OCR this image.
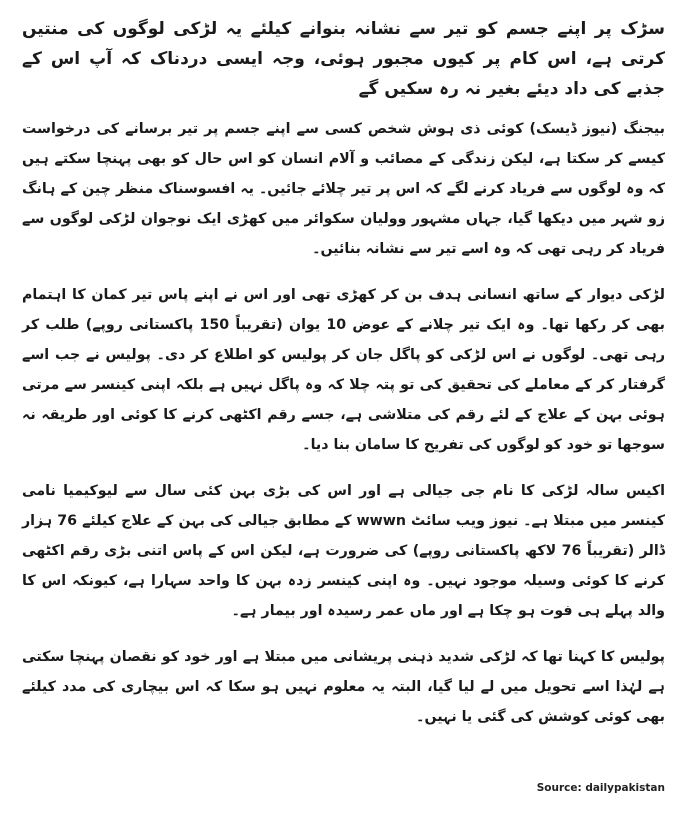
سڑک پر اپنے جسم کو تیر سے نشانہ بنوانے کیلئے یہ لڑکی لوگوں کی منتیں کرتی ہے، اس کام پر کیوں مجبور ہوئی، وجہ ایسی دردناک کہ آپ اس کے جذبے کی داد دیئے بغیر نہ رہ سکیں گے

بیجنگ (نیوز ڈیسک) کوئی ذی ہوش شخص کسی سے اپنے جسم پر تیر برسانے کی درخواست کیسے کر سکتا ہے، لیکن زندگی کے مصائب و آلام انسان کو اس حال کو بھی پہنچا سکتے ہیں کہ وہ لوگوں سے فریاد کرنے لگے کہ اس پر تیر چلائے جائیں۔ یہ افسوسناک منظر چین کے ہانگ زو شہر میں دیکھا گیا، جہاں مشہور وولیان سکوائر میں کھڑی ایک نوجوان لڑکی لوگوں سے فریاد کر رہی تھی کہ وہ اسے تیر سے نشانہ بنائیں۔

لڑکی دیوار کے ساتھ انسانی ہدف بن کر کھڑی تھی اور اس نے اپنے پاس تیر کمان کا اہتمام بھی کر رکھا تھا۔ وہ ایک تیر چلانے کے عوض 10 یوان (تقریباً 150 پاکستانی روپے) طلب کر رہی تھی۔ لوگوں نے اس لڑکی کو پاگل جان کر پولیس کو اطلاع کر دی۔ پولیس نے جب اسے گرفتار کر کے معاملے کی تحقیق کی تو پتہ چلا کہ وہ پاگل نہیں ہے بلکہ اپنی کینسر سے مرتی ہوئی بہن کے علاج کے لئے رقم کی متلاشی ہے، جسے رقم اکٹھی کرنے کا کوئی اور طریقہ نہ سوجھا تو خود کو لوگوں کی تفریح کا سامان بنا دیا۔

اکیس سالہ لڑکی کا نام جی جیالی ہے اور اس کی بڑی بہن کئی سال سے لیوکیمیا نامی کینسر میں مبتلا ہے۔ نیوز ویب سائٹ wwwn کے مطابق جیالی کی بہن کے علاج کیلئے 76 ہزار ڈالر (تقریباً 76 لاکھ پاکستانی روپے) کی ضرورت ہے، لیکن اس کے پاس اتنی بڑی رقم اکٹھی کرنے کا کوئی وسیلہ موجود نہیں۔ وہ اپنی کینسر زدہ بہن کا واحد سہارا ہے، کیونکہ اس کا والد پہلے ہی فوت ہو چکا ہے اور ماں عمر رسیدہ اور بیمار ہے۔

پولیس کا کہنا تھا کہ لڑکی شدید ذہنی پریشانی میں مبتلا ہے اور خود کو نقصان پہنچا سکتی ہے لہٰذا اسے تحویل میں لے لیا گیا، البتہ یہ معلوم نہیں ہو سکا کہ اس بیچاری کی مدد کیلئے بھی کوئی کوشش کی گئی یا نہیں۔

Source: dailypakistan
